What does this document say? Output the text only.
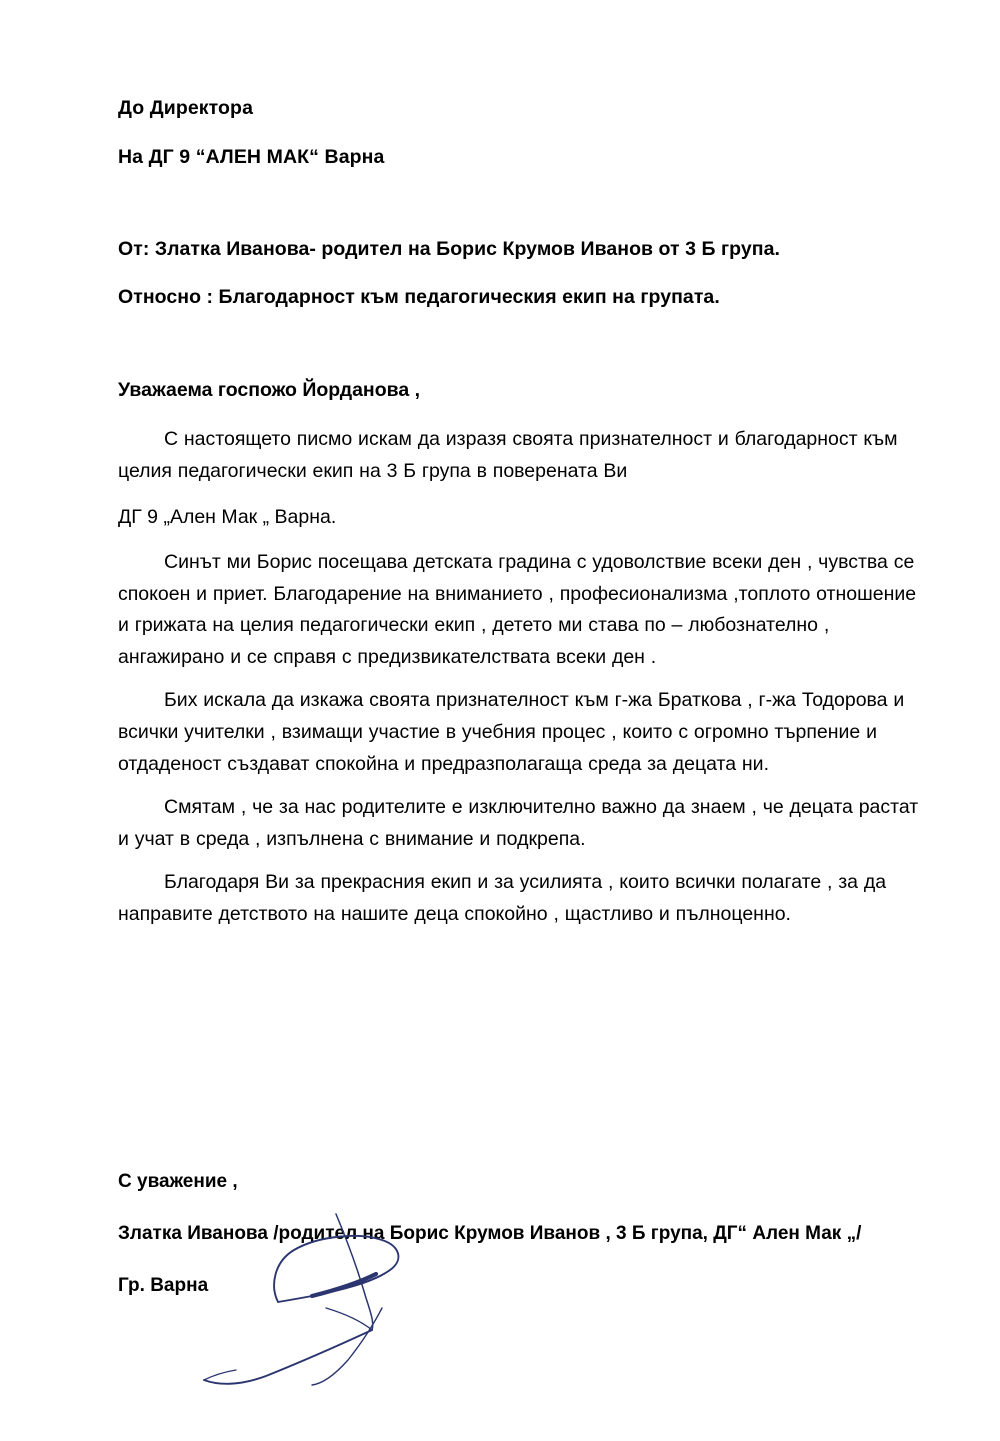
До Директора
На ДГ 9 “АЛЕН МАК“ Варна
От: Златка Иванова- родител на Борис Крумов Иванов от 3 Б група.
Относно : Благодарност към педагогическия екип на групата.
Уважаема госпожо Йорданова ,

С настоящето писмо искам да изразя своята признателност и благодарност към целия педагогически екип на 3 Б група в поверената Ви

ДГ 9 „Ален Мак „ Варна.

Синът ми Борис посещава детската градина с удоволствие всеки ден , чувства се спокоен и приет. Благодарение на вниманието , професионализма ,топлото отношение и грижата на целия педагогически екип , детето ми става по – любознателно , ангажирано и се справя с предизвикателствата всеки ден .

Бих искала да изкажа своята признателност към г-жа Браткова , г-жа Тодорова и всички учителки , взимащи участие в учебния процес , които с огромно търпение и отдаденост създават спокойна и предразполагаща среда за децата ни.

Смятам , че за нас родителите е изключително важно да знаем , че децата растат и учат в среда , изпълнена с внимание и подкрепа.

Благодаря Ви за прекрасния екип и за усилията , които всички полагате , за да направите детството на нашите деца спокойно , щастливо и пълноценно.

С уважение ,
Златка Иванова /родител на Борис Крумов Иванов , 3 Б група, ДГ“ Ален Мак „/
Гр. Варна
